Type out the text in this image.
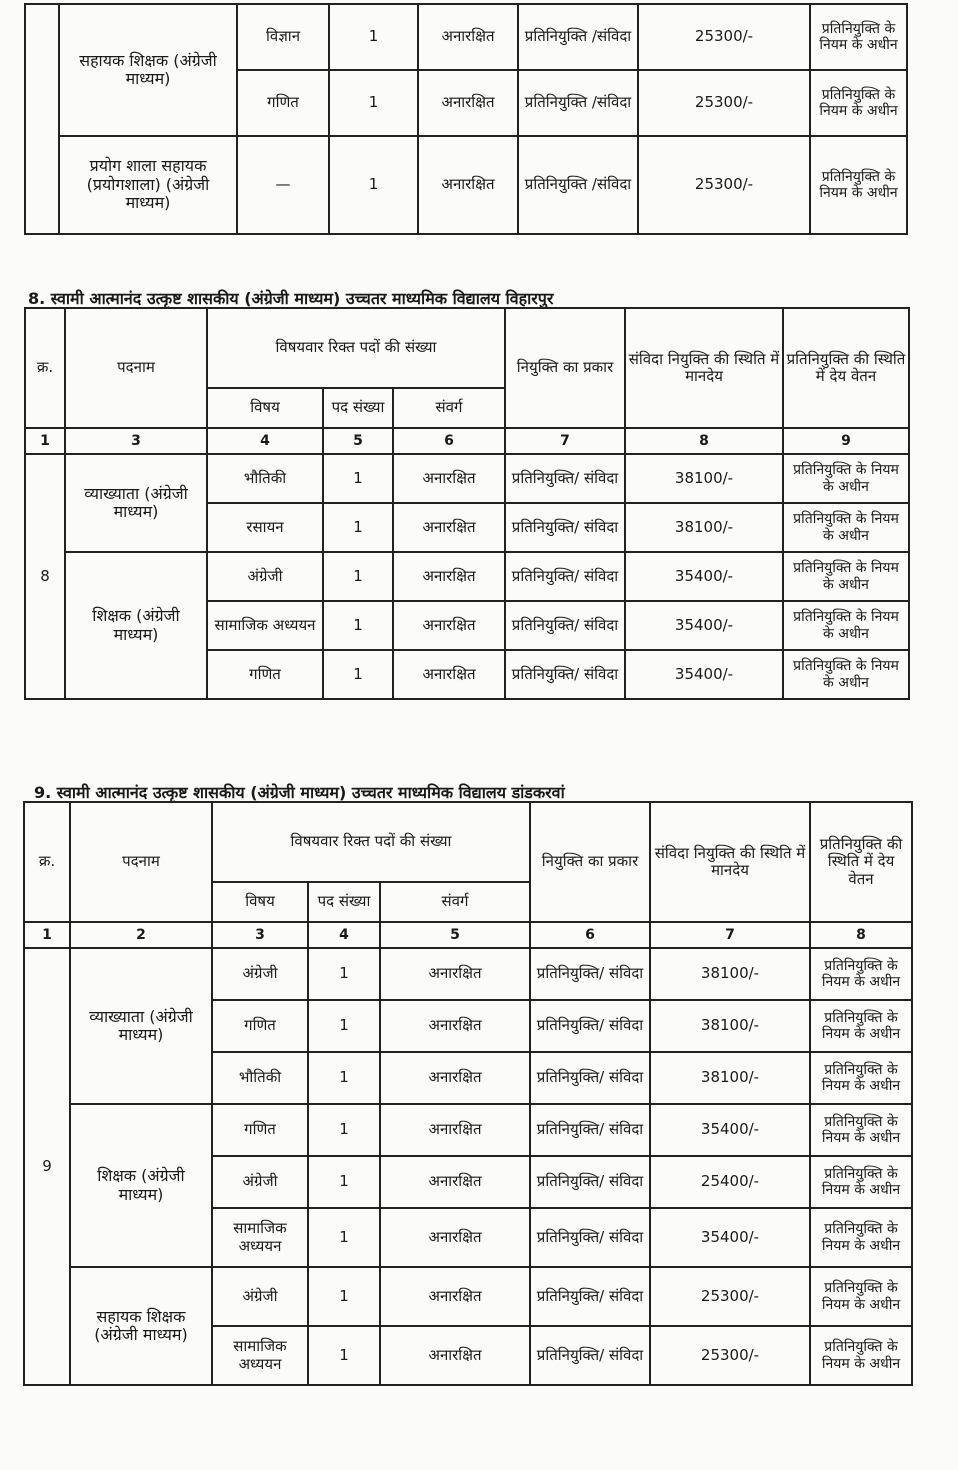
	सहायक शिक्षक (अंग्रेजी माध्यम)	विज्ञान	1	अनारक्षित	प्रतिनियुक्ति /संविदा	25300/-	प्रतिनियुक्ति के नियम के अधीन
		गणित	1	अनारक्षित	प्रतिनियुक्ति /संविदा	25300/-	प्रतिनियुक्ति के नियम के अधीन
	प्रयोग शाला सहायक (प्रयोगशाला) (अंग्रेजी माध्यम)	—	1	अनारक्षित	प्रतिनियुक्ति /संविदा	25300/-	प्रतिनियुक्ति के नियम के अधीन
8. स्वामी आत्मानंद उत्कृष्ट शासकीय (अंग्रेजी माध्यम) उच्चतर माध्यमिक विद्यालय विहारपुर
क्र.	पदनाम	विषयवार रिक्त पदों की संख्या			नियुक्ति का प्रकार	संविदा नियुक्ति की स्थिति में मानदेय	प्रतिनियुक्ति की स्थिति में देय वेतन
		विषय	पद संख्या	संवर्ग			
1	3	4	5	6	7	8	9
8	व्याख्याता (अंग्रेजी माध्यम)	भौतिकी	1	अनारक्षित	प्रतिनियुक्ति/ संविदा	38100/-	प्रतिनियुक्ति के नियम के अधीन
		रसायन	1	अनारक्षित	प्रतिनियुक्ति/ संविदा	38100/-	प्रतिनियुक्ति के नियम के अधीन
	शिक्षक (अंग्रेजी माध्यम)	अंग्रेजी	1	अनारक्षित	प्रतिनियुक्ति/ संविदा	35400/-	प्रतिनियुक्ति के नियम के अधीन
		सामाजिक अध्ययन	1	अनारक्षित	प्रतिनियुक्ति/ संविदा	35400/-	प्रतिनियुक्ति के नियम के अधीन
		गणित	1	अनारक्षित	प्रतिनियुक्ति/ संविदा	35400/-	प्रतिनियुक्ति के नियम के अधीन
9. स्वामी आत्मानंद उत्कृष्ट शासकीय (अंग्रेजी माध्यम) उच्चतर माध्यमिक विद्यालय डांडकरवां
क्र.	पदनाम	विषयवार रिक्त पदों की संख्या			नियुक्ति का प्रकार	संविदा नियुक्ति की स्थिति में मानदेय	प्रतिनियुक्ति की स्थिति में देय वेतन
		विषय	पद संख्या	संवर्ग			
1	2	3	4	5	6	7	8
9	व्याख्याता (अंग्रेजी माध्यम)	अंग्रेजी	1	अनारक्षित	प्रतिनियुक्ति/ संविदा	38100/-	प्रतिनियुक्ति के नियम के अधीन
		गणित	1	अनारक्षित	प्रतिनियुक्ति/ संविदा	38100/-	प्रतिनियुक्ति के नियम के अधीन
		भौतिकी	1	अनारक्षित	प्रतिनियुक्ति/ संविदा	38100/-	प्रतिनियुक्ति के नियम के अधीन
	शिक्षक (अंग्रेजी माध्यम)	गणित	1	अनारक्षित	प्रतिनियुक्ति/ संविदा	35400/-	प्रतिनियुक्ति के नियम के अधीन
		अंग्रेजी	1	अनारक्षित	प्रतिनियुक्ति/ संविदा	25400/-	प्रतिनियुक्ति के नियम के अधीन
		सामाजिक अध्ययन	1	अनारक्षित	प्रतिनियुक्ति/ संविदा	35400/-	प्रतिनियुक्ति के नियम के अधीन
	सहायक शिक्षक (अंग्रेजी माध्यम)	अंग्रेजी	1	अनारक्षित	प्रतिनियुक्ति/ संविदा	25300/-	प्रतिनियुक्ति के नियम के अधीन
		सामाजिक अध्ययन	1	अनारक्षित	प्रतिनियुक्ति/ संविदा	25300/-	प्रतिनियुक्ति के नियम के अधीन
